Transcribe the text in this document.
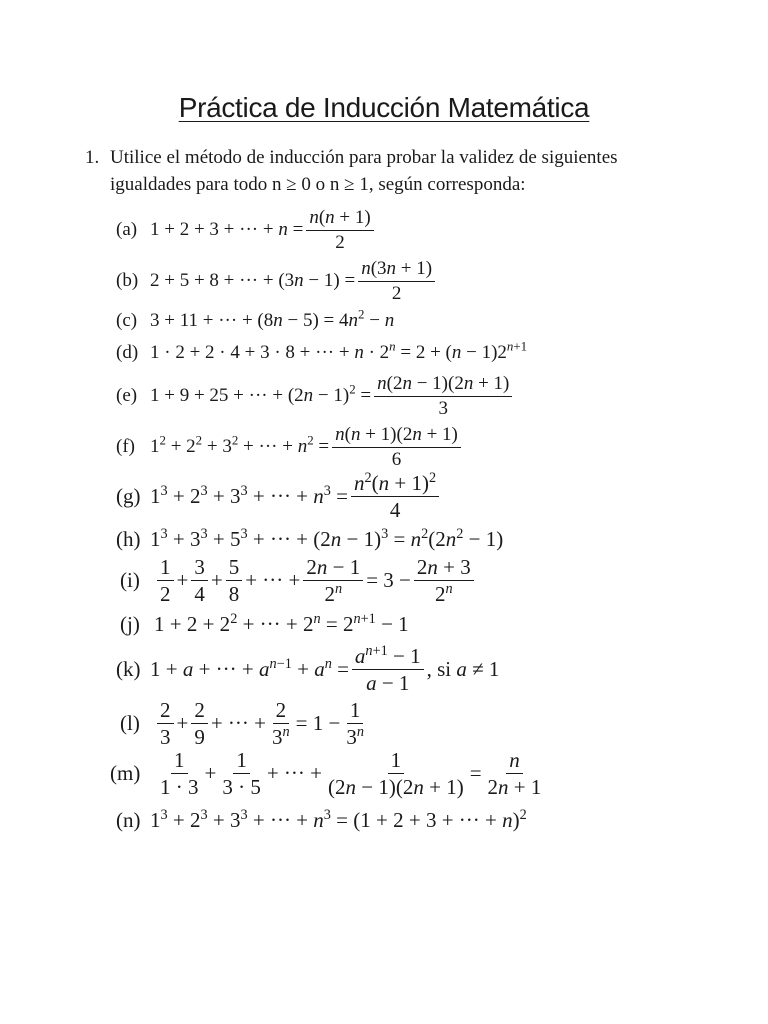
Práctica de Inducción Matemática
1. Utilice el método de inducción para probar la validez de siguientes
igualdades para todo n ≥ 0 o n ≥ 1, según corresponda:
(a) 1 + 2 + 3 + ··· + $n = \frac{n(n + 1)}{2}$
(b) 2 + 5 + 8 + ··· + $(3n - 1) = \frac{n(3n + 1)}{2}$
(c) 3 + 11 + ··· + $(8n - 5) = 4n^2 - n$
(d) 1 · 2 + 2 · 4 + 3 · 8 + ··· + $n \cdot 2^n = 2 + (n - 1)2^{n+1}$
(e) 1 + 9 + 25 + ··· + $(2n - 1)^2 = \frac{n(2n - 1)(2n + 1)}{3}$
(f) $1^2 + 2^2 + 3^2$ + ··· + $n^2 = \frac{n(n + 1)(2n + 1)}{6}$
(g) $1^3 + 2^3 + 3^3$ + ··· + $n^3 = \frac{n^2(n + 1)^2}{4}$
(h) $1^3 + 3^3 + 5^3$ + ··· + $(2n - 1)^3 = n^2(2n^2 - 1)$
$(i) \frac{1}{2} + \frac{3}{4} + \frac{5}{8}$ + ··· + $\frac{2n - 1}{2^n} = 3 - \frac{2n + 3}{2^n}$
(j) $1 + 2 + 2^2$ + ··· + $2^n = 2^{n+1} - 1$
(k) 1 + a + ··· + $a^{n-1} + a^n = \frac{a^{n+1} - 1}{a - 1}$ , si a ≠ 1
$(l) \frac{2}{3} + \frac{2}{9}$ + ··· + $\frac{2}{3^n} = 1 - \frac{1}{3^n}$
$(m) \frac{1}{1 \cdot 3} + \frac{1}{3 \cdot 5}$ + ··· + $\frac{1}{(2n - 1)(2n + 1)} = \frac{n}{2n + 1}$
(n) $1^3 + 2^3 + 3^3$ + ··· + $n^3 = (1 + 2 + 3$ + ··· + n)$^2$
